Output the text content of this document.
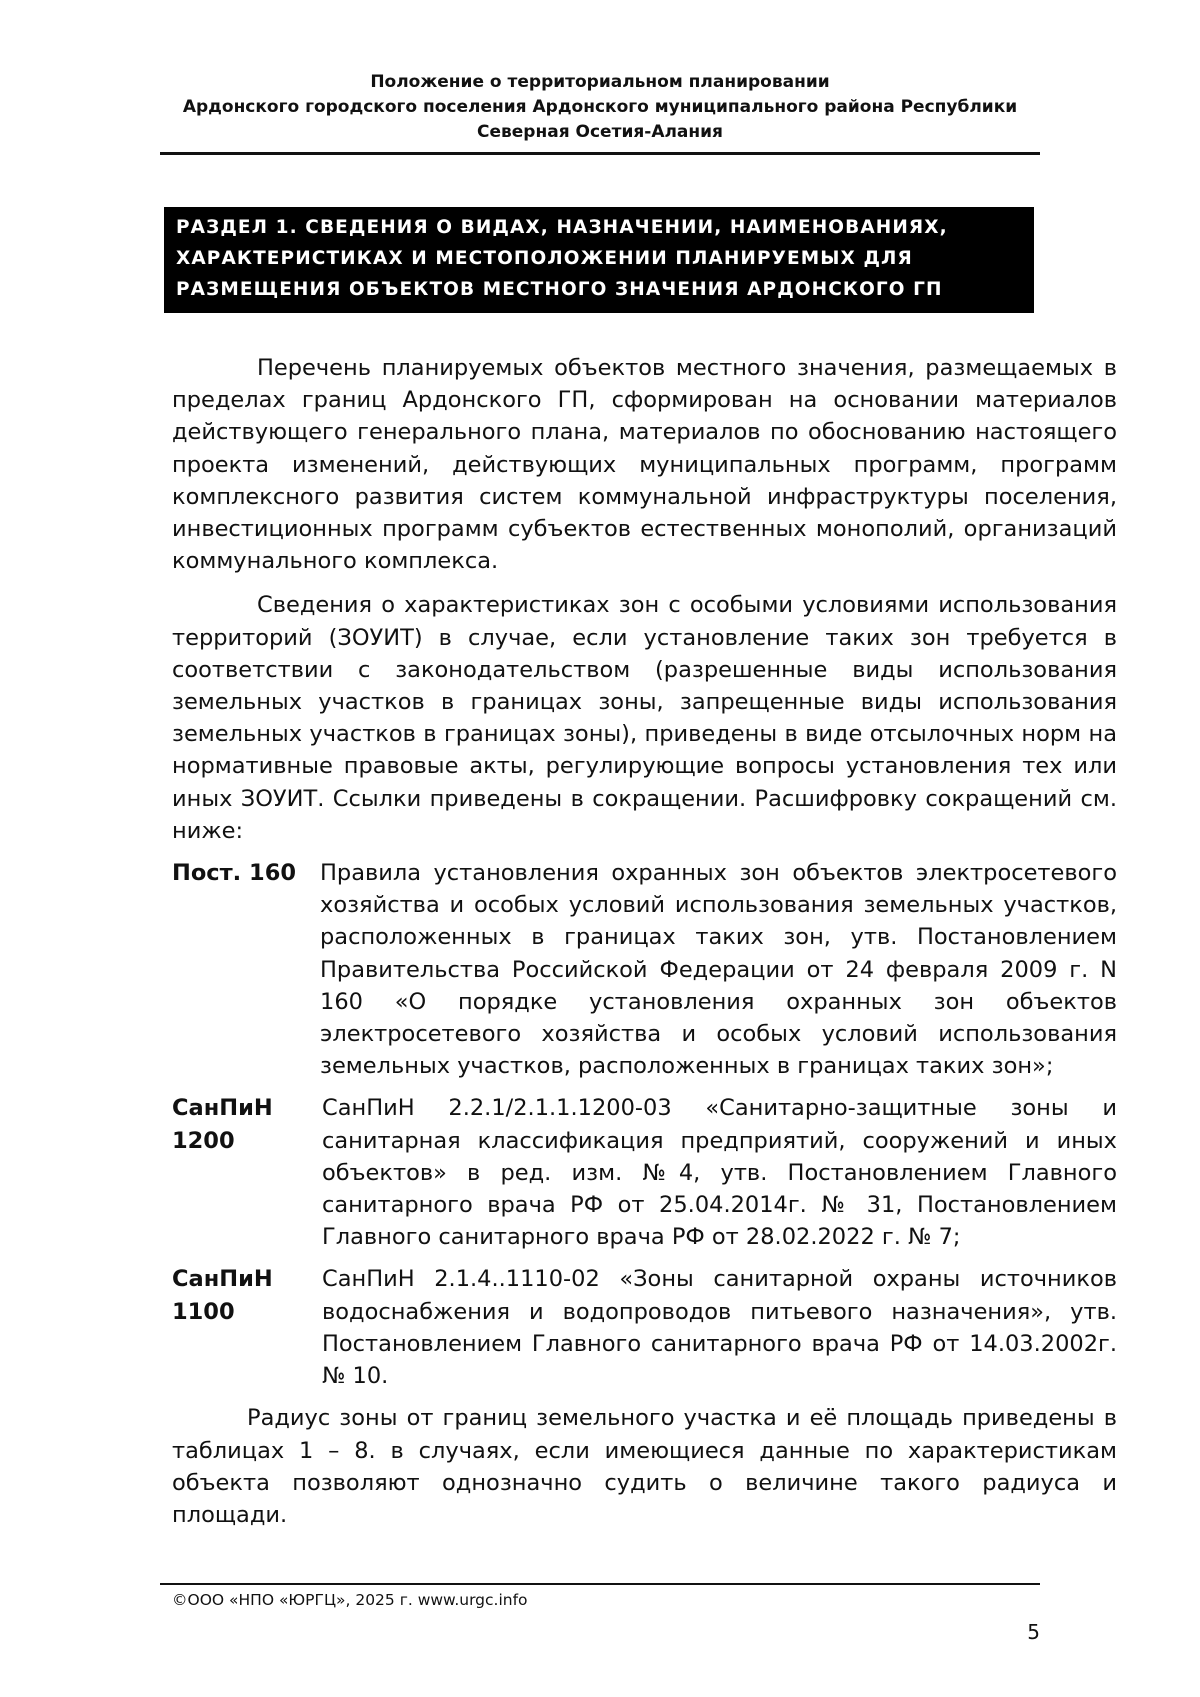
Положение о территориальном планировании
Ардонского городского поселения Ардонского муниципального района Республики Северная Осетия-Алания
РАЗДЕЛ 1. СВЕДЕНИЯ О ВИДАХ, НАЗНАЧЕНИИ, НАИМЕНОВАНИЯХ, ХАРАКТЕРИСТИКАХ И МЕСТОПОЛОЖЕНИИ ПЛАНИРУЕМЫХ ДЛЯ РАЗМЕЩЕНИЯ ОБЪЕКТОВ МЕСТНОГО ЗНАЧЕНИЯ АРДОНСКОГО ГП

Перечень планируемых объектов местного значения, размещаемых в пределах границ Ардонского ГП, сформирован на основании материалов действующего генерального плана, материалов по обоснованию настоящего проекта изменений, действующих муниципальных программ, программ комплексного развития систем коммунальной инфраструктуры поселения, инвестиционных программ субъектов естественных монополий, организаций коммунального комплекса.

Сведения о характеристиках зон с особыми условиями использования территорий (ЗОУИТ) в случае, если установление таких зон требуется в соответствии с законодательством (разрешенные виды использования земельных участков в границах зоны, запрещенные виды использования земельных участков в границах зоны), приведены в виде отсылочных норм на нормативные правовые акты, регулирующие вопросы установления тех или иных ЗОУИТ. Ссылки приведены в сокращении. Расшифровку сокращений см. ниже:

Пост. 160	Правила установления охранных зон объектов электросетевого хозяйства и особых условий использования земельных участков, расположенных в границах таких зон, утв. Постановлением Правительства Российской Федерации от 24 февраля 2009 г. N 160 «О порядке установления охранных зон объектов электросетевого хозяйства и особых условий использования земельных участков, расположенных в границах таких зон»;
СанПиН 1200
СанПиН 2.2.1/2.1.1.1200-03 «Санитарно-защитные зоны и санитарная классификация предприятий, сооружений и иных объектов» в ред. изм. №4, утв. Постановлением Главного санитарного врача РФ от 25.04.2014г. № 31, Постановлением Главного санитарного врача РФ от 28.02.2022 г. № 7;
СанПиН 1100
СанПиН 2.1.4..1110-02 «Зоны санитарной охраны источников водоснабжения и водопроводов питьевого назначения», утв. Постановлением Главного санитарного врача РФ от 14.03.2002г. № 10.

Радиус зоны от границ земельного участка и её площадь приведены в таблицах 1 – 8. в случаях, если имеющиеся данные по характеристикам объекта позволяют однозначно судить о величине такого радиуса и площади.

©ООО «НПО «ЮРГЦ», 2025 г. www.urgc.info
5
